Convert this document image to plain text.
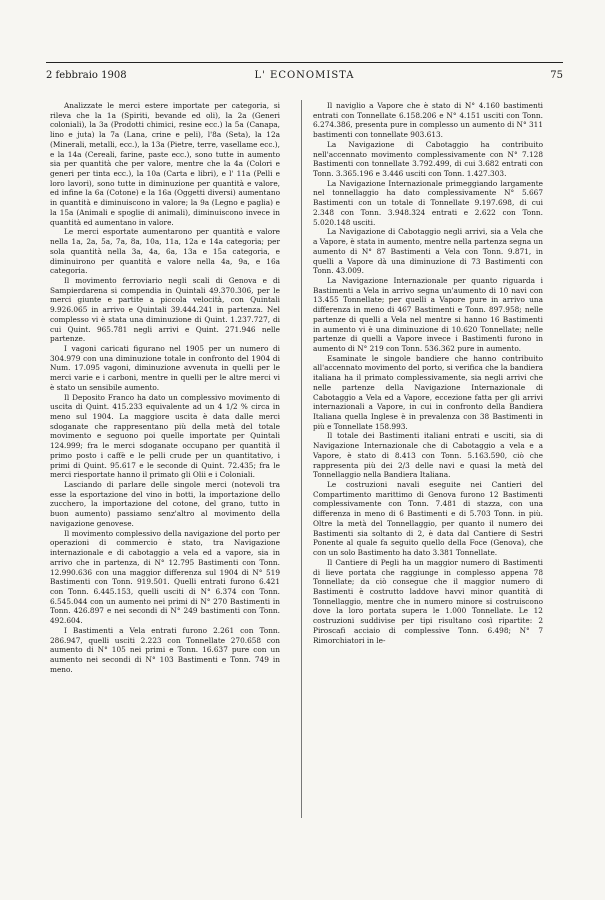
2 febbraio 1908	L' ECONOMISTA	75

Analizzate le merci estere importate per categoria, si rileva che la 1a (Spiriti, bevande ed oli), la 2a (Generi coloniali), la 3a (Prodotti chimici, resine ecc.) la 5a (Canapa, lino e juta) la 7a (Lana, crine e peli), l'8a (Seta), la 12a (Minerali, metalli, ecc.), la 13a (Pietre, terre, vasellame ecc.), e la 14a (Cereali, farine, paste ecc.), sono tutte in aumento sia per quantità che per valore, mentre che la 4a (Colori e generi per tinta ecc.), la 10a (Carta e libri), e l' 11a (Pelli e loro lavori), sono tutte in diminuzione per quantità e valore, ed infine la 6a (Cotone) e la 16a (Oggetti diversi) aumentano in quantità e diminuiscono in valore; la 9a (Legno e paglia) e la 15a (Animali e spoglie di animali), diminuiscono invece in quantità ed aumentano in valore.

Le merci esportate aumentarono per quantità e valore nella 1a, 2a, 5a, 7a, 8a, 10a, 11a, 12a e 14a categoria; per sola quantità nella 3a, 4a, 6a, 13a e 15a categoria, e diminuirono per quantità e valore nella 4a, 9a, e 16a categoria.

Il movimento ferroviario negli scali di Genova e di Sampierdarena si compendia in Quintali 49.370.306, per le merci giunte e partite a piccola velocità, con Quintali 9.926.065 in arrivo e Quintali 39.444.241 in partenza. Nel complesso vi è stata una diminuzione di Quint. 1.237.727, di cui Quint. 965.781 negli arrivi e Quint. 271.946 nelle partenze.

I vagoni caricati figurano nel 1905 per un numero di 304.979 con una diminuzione totale in confronto del 1904 di Num. 17.095 vagoni, diminuzione avvenuta in quelli per le merci varie e i carboni, mentre in quelli per le altre merci vi è stato un sensibile aumento.

Il Deposito Franco ha dato un complessivo movimento di uscita di Quint. 415.233 equivalente ad un 4 1/2 % circa in meno sul 1904. La maggiore uscita è data dalle merci sdoganate che rappresentano più della metà del totale movimento e seguono poi quelle importate per Quintali 124.999; fra le merci sdoganate occupano per quantità il primo posto i caffè e le pelli crude per un quantitativo, i primi di Quint. 95.617 e le seconde di Quint. 72.435; fra le merci riesportate hanno il primato gli Olii e i Coloniali.

Lasciando di parlare delle singole merci (notevoli tra esse la esportazione del vino in botti, la importazione dello zucchero, la importazione del cotone, del grano, tutto in buon aumento) passiamo senz'altro al movimento della navigazione genovese.

Il movimento complessivo della navigazione del porto per operazioni di commercio è stato, tra Navigazione internazionale e di cabotaggio a vela ed a vapore, sia in arrivo che in partenza, di N° 12.795 Bastimenti con Tonn. 12.990.636 con una maggior differenza sul 1904 di N° 519 Bastimenti con Tonn. 919.501. Quelli entrati furono 6.421 con Tonn. 6.445.153, quelli usciti di N° 6.374 con Tonn. 6.545.044 con un aumento nei primi di N° 270 Bastimenti in Tonn. 426.897 e nei secondi di N° 249 bastimenti con Tonn. 492.604.

I Bastimenti a Vela entrati furono 2.261 con Tonn. 286.947, quelli usciti 2.223 con Tonnellate 270.658 con aumento di N° 105 nei primi e Tonn. 16.637 pure con un aumento nei secondi di N° 103 Bastimenti e Tonn. 749 in meno.

Il naviglio a Vapore che è stato di N° 4.160 bastimenti entrati con Tonnellate 6.158.206 e N° 4.151 usciti con Tonn. 6.274.386, presenta pure in complesso un aumento di N° 311 bastimenti con tonnellate 903.613.

La Navigazione di Cabotaggio ha contribuito nell'accennato movimento complessivamente con N° 7.128 Bastimenti con tonnellate 3.792.499, di cui 3.682 entrati con Tonn. 3.365.196 e 3.446 usciti con Tonn. 1.427.303.

La Navigazione Internazionale primeggiando largamente nel tonnellaggio ha dato complessivamente N° 5.667 Bastimenti con un totale di Tonnellate 9.197.698, di cui 2.348 con Tonn. 3.948.324 entrati e 2.622 con Tonn. 5.020.148 usciti.

La Navigazione di Cabotaggio negli arrivi, sia a Vela che a Vapore, è stata in aumento, mentre nella partenza segna un aumento di N° 87 Bastimenti a Vela con Tonn. 9.871, in quelli a Vapore dà una diminuzione di 73 Bastimenti con Tonn. 43.009.

La Navigazione Internazionale per quanto riguarda i Bastimenti a Vela in arrivo segna un'aumento di 10 navi con 13.455 Tonnellate; per quelli a Vapore pure in arrivo una differenza in meno di 467 Bastimenti e Tonn. 897.958; nelle partenze di quelli a Vela nel mentre si hanno 16 Bastimenti in aumento vi è una diminuzione di 10.620 Tonnellate; nelle partenze di quelli a Vapore invece i Bastimenti furono in aumento di N° 219 con Tonn. 536.362 pure in aumento.

Esaminate le singole bandiere che hanno contribuito all'accennato movimento del porto, si verifica che la bandiera italiana ha il primato complessivamente, sia negli arrivi che nelle partenze della Navigazione Internazionale di Cabotaggio a Vela ed a Vapore, eccezione fatta per gli arrivi internazionali a Vapore, in cui in confronto della Bandiera Italiana quella Inglese è in prevalenza con 38 Bastimenti in più e Tonnellate 158.993.

Il totale dei Bastimenti italiani entrati e usciti, sia di Navigazione Internazionale che di Cabotaggio a vela e a Vapore, è stato di 8.413 con Tonn. 5.163.590, ciò che rappresenta più dei 2/3 delle navi e quasi la metà del Tonnellaggio nella Bandiera Italiana.

Le costruzioni navali eseguite nei Cantieri del Compartimento marittimo di Genova furono 12 Bastimenti complessivamente con Tonn. 7.481 di stazza, con una differenza in meno di 6 Bastimenti e di 5.703 Tonn. in più. Oltre la metà del Tonnellaggio, per quanto il numero dei Bastimenti sia soltanto di 2, è data dal Cantiere di Sestri Ponente al quale fa seguito quello della Foce (Genova), che con un solo Bastimento ha dato 3.381 Tonnellate.

Il Cantiere di Pegli ha un maggior numero di Bastimenti di lieve portata che raggiunge in complesso appena 78 Tonnellate; da ciò consegue che il maggior numero di Bastimenti è costrutto laddove havvi minor quantità di Tonnellaggio, mentre che in numero minore si costruiscono dove la loro portata supera le 1.000 Tonnellate. Le 12 costruzioni suddivise per tipi risultano così ripartite: 2 Piroscafi acciaio di complessive Tonn. 6.498; N° 7 Rimorchiatori in le-
